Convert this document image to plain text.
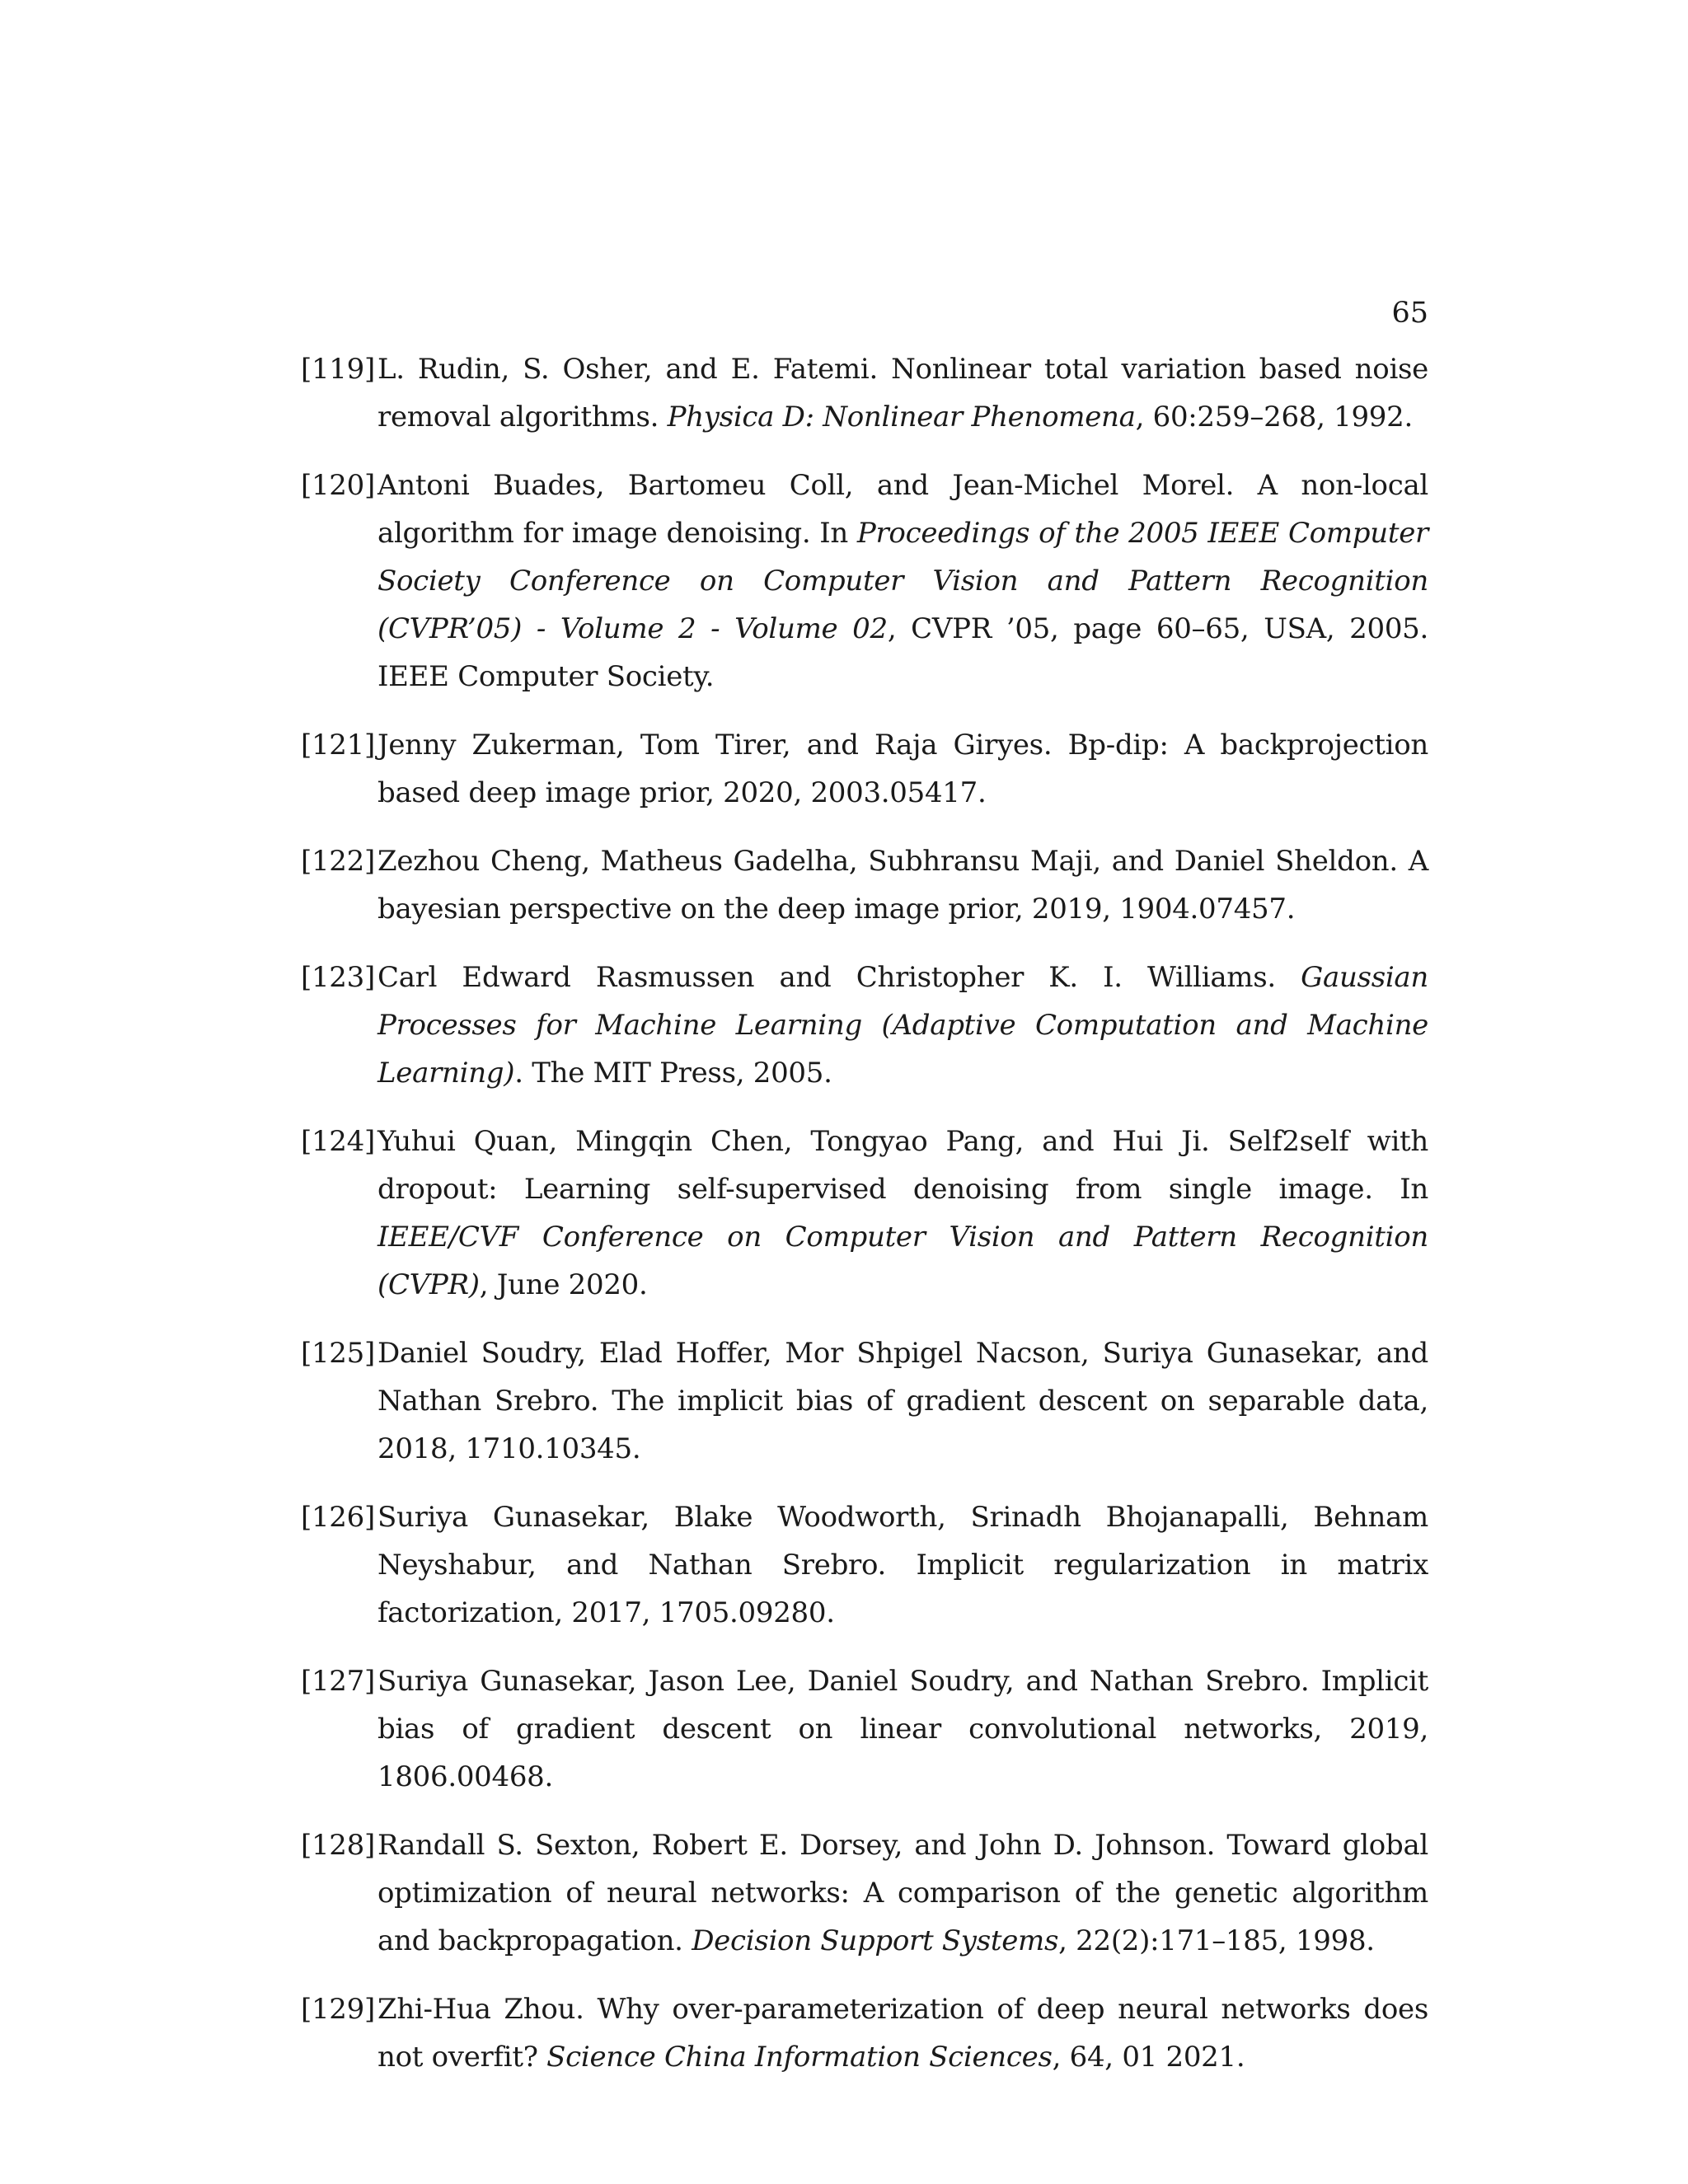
65
[119] L. Rudin, S. Osher, and E. Fatemi. Nonlinear total variation based noise removal algorithms. Physica D: Nonlinear Phenomena, 60:259–268, 1992.
[120] Antoni Buades, Bartomeu Coll, and Jean-Michel Morel. A non-local algorithm for image denoising. In Proceedings of the 2005 IEEE Computer Society Conference on Computer Vision and Pattern Recognition (CVPR’05) - Volume 2 - Volume 02, CVPR ’05, page 60–65, USA, 2005. IEEE Computer Society.
[121] Jenny Zukerman, Tom Tirer, and Raja Giryes. Bp-dip: A backprojection based deep image prior, 2020, 2003.05417.
[122] Zezhou Cheng, Matheus Gadelha, Subhransu Maji, and Daniel Sheldon. A bayesian perspective on the deep image prior, 2019, 1904.07457.
[123] Carl Edward Rasmussen and Christopher K. I. Williams. Gaussian Processes for Machine Learning (Adaptive Computation and Machine Learning). The MIT Press, 2005.
[124] Yuhui Quan, Mingqin Chen, Tongyao Pang, and Hui Ji. Self2self with dropout: Learning self-supervised denoising from single image. In IEEE/CVF Conference on Computer Vision and Pattern Recognition (CVPR), June 2020.
[125] Daniel Soudry, Elad Hoffer, Mor Shpigel Nacson, Suriya Gunasekar, and Nathan Srebro. The implicit bias of gradient descent on separable data, 2018, 1710.10345.
[126] Suriya Gunasekar, Blake Woodworth, Srinadh Bhojanapalli, Behnam Neyshabur, and Nathan Srebro. Implicit regularization in matrix factorization, 2017, 1705.09280.
[127] Suriya Gunasekar, Jason Lee, Daniel Soudry, and Nathan Srebro. Implicit bias of gradient descent on linear convolutional networks, 2019, 1806.00468.
[128] Randall S. Sexton, Robert E. Dorsey, and John D. Johnson. Toward global optimization of neural networks: A comparison of the genetic algorithm and backpropagation. Decision Support Systems, 22(2):171–185, 1998.
[129] Zhi-Hua Zhou. Why over-parameterization of deep neural networks does not overfit? Science China Information Sciences, 64, 01 2021.
